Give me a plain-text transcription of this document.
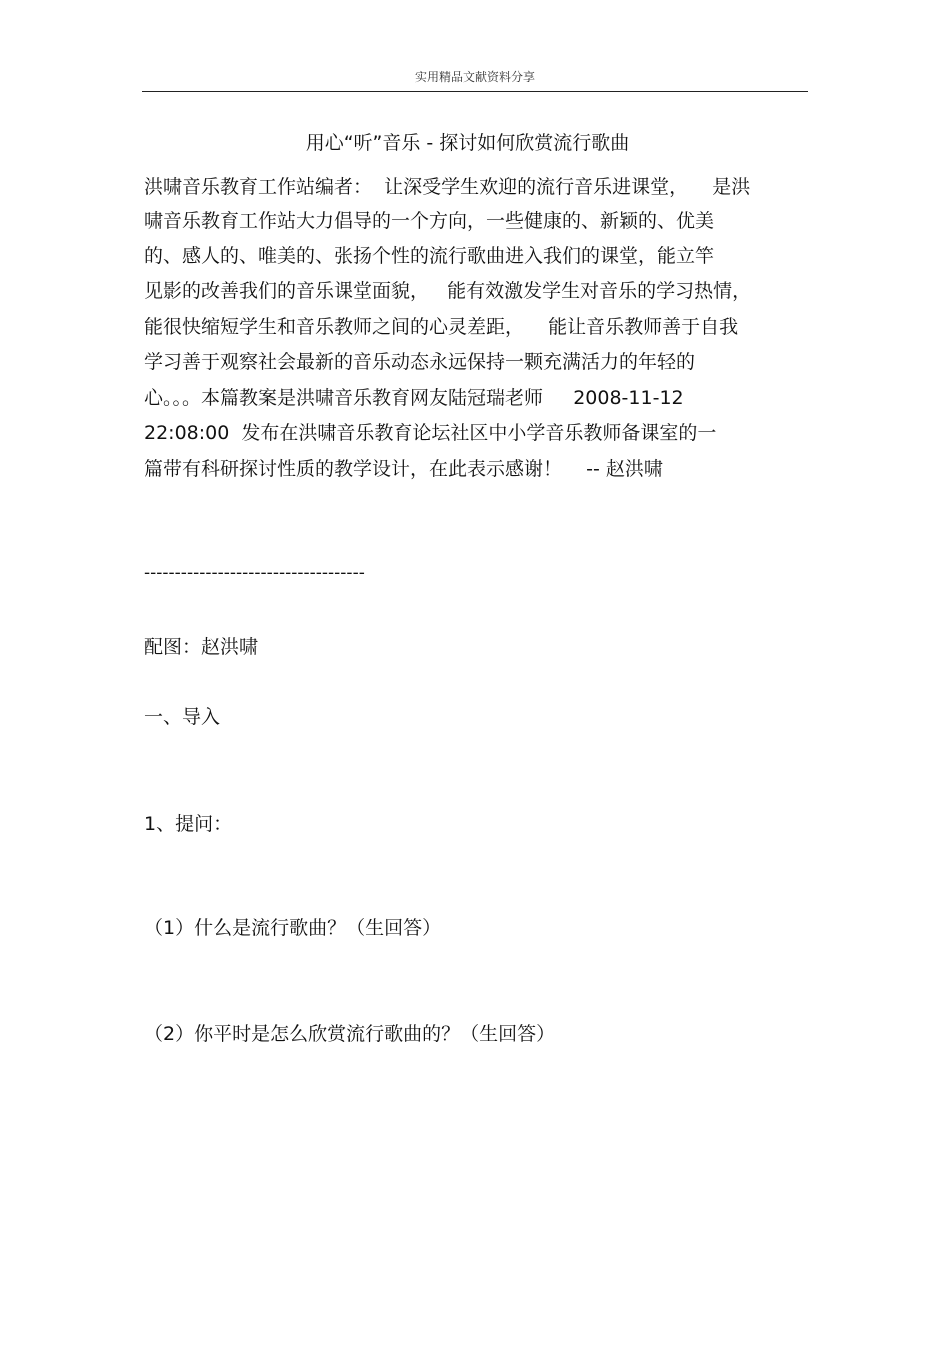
实用精品文献资料分享
用心“听”音乐 - 探讨如何欣赏流行歌曲
洪啸音乐教育工作站编者：  让深受学生欢迎的流行音乐进课堂，    是洪
啸音乐教育工作站大力倡导的一个方向，一些健康的、新颖的、优美
的、感人的、唯美的、张扬个性的流行歌曲进入我们的课堂，能立竿
见影的改善我们的音乐课堂面貌，   能有效激发学生对音乐的学习热情，
能很快缩短学生和音乐教师之间的心灵差距，    能让音乐教师善于自我
学习善于观察社会最新的音乐动态永远保持一颗充满活力的年轻的
心。。。本篇教案是洪啸音乐教育网友陆冠瑞老师     2008-11-12
22:08:00  发布在洪啸音乐教育论坛社区中小学音乐教师备课室的一
篇带有科研探讨性质的教学设计，在此表示感谢！    -- 赵洪啸
------------------------------------
配图：赵洪啸
一、导入
1、提问：
（1）什么是流行歌曲？（生回答）
（2）你平时是怎么欣赏流行歌曲的？（生回答）
